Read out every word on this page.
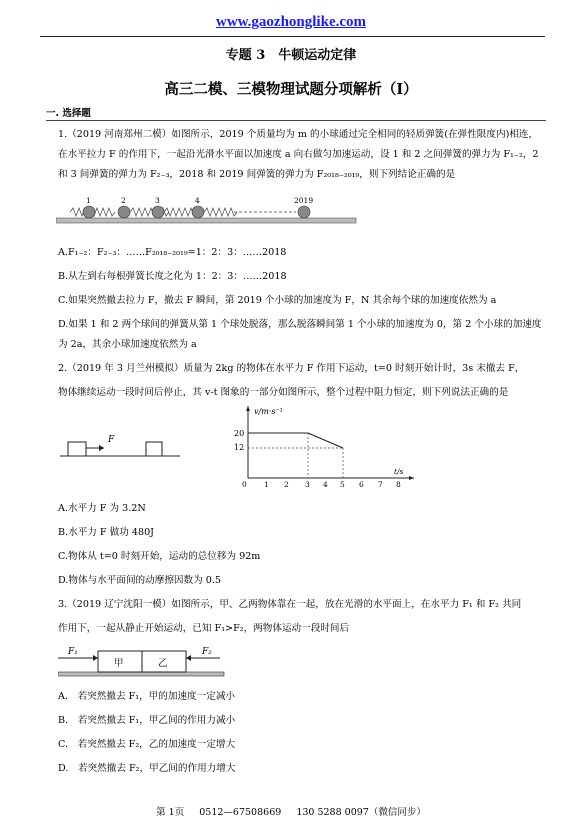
www.gaozhonglike.com
专题 3　牛顿运动定律
高三二模、三模物理试题分项解析（I）
一. 选择题
1.（2019 河南郑州二模）如图所示，2019 个质量均为 m 的小球通过完全相同的轻质弹簧(在弹性限度内)相连，
在水平拉力 F 的作用下，一起沿光滑水平面以加速度 a 向右做匀加速运动，设 1 和 2 之间弹簧的弹力为 F₁₋₂，2
和 3 间弹簧的弹力为 F₂₋₃，2018 和 2019 间弹簧的弹力为 F₂₀₁₈₋₂₀₁₉，则下列结论正确的是
1	2	3	4	2019
A.F₁₋₂：F₂₋₃：……F₂₀₁₈₋₂₀₁₉=1：2：3：……2018
B.从左到右每根弹簧长度之化为 1：2：3：……2018
C.如果突然撤去拉力 F，撤去 F 瞬间，第 2019 个小球的加速度为 F，N 其余每个球的加速度依然为 a
D.如果 1 和 2 两个球间的弹簧从第 1 个球处脱落，那么脱落瞬间第 1 个小球的加速度为 0，第 2 个小球的加速度
为 2a，其余小球加速度依然为 a
2.（2019 年 3 月兰州模拟）质量为 2kg 的物体在水平力 F 作用下运动，t=0 时刻开始计时，3s 末撤去 F，
物体继续运动一段时间后停止，其 v-t 图象的一部分如图所示，整个过程中阻力恒定，则下列说法正确的是
F
v/m·s⁻¹
t/s
20
12
0 1 2 3 4 5 6 7 8
A.水平力 F 为 3.2N
B.水平力 F 做功 480J
C.物体从 t=0 时刻开始，运动的总位移为 92m
D.物体与水平面间的动摩擦因数为 0.5
3.（2019 辽宁沈阳一模）如图所示，甲、乙两物体靠在一起，放在光滑的水平面上，在水平力 F₁ 和 F₂ 共同
作用下，一起从静止开始运动，已知 F₁>F₂，两物体运动一段时间后
F₁
甲	乙
F₂
A.　若突然撤去 F₁，甲的加速度一定减小
B.　若突然撤去 F₁，甲乙间的作用力减小
C.　若突然撤去 F₂，乙的加速度一定增大
D.　若突然撤去 F₂，甲乙间的作用力增大
第 1页 0512—67508669 130 5288 0097（微信同步）
